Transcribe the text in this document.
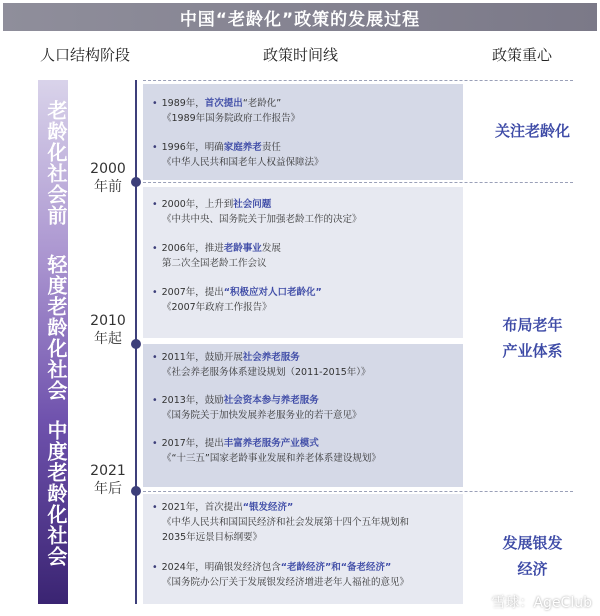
中国“老龄化”政策的发展过程
人口结构阶段	政策时间线	政策重心
老龄化社会前
轻度老龄化社会
中度老龄化社会
2000
年前
2010
年起
2021
年后
• 1989年，首次提出“老龄化”
《1989年国务院政府工作报告》
• 1996年，明确家庭养老责任
《中华人民共和国老年人权益保障法》
• 2000年，上升到社会问题
《中共中央、国务院关于加强老龄工作的决定》
• 2006年，推进老龄事业发展
第二次全国老龄工作会议
• 2007年，提出“积极应对人口老龄化”
《2007年政府工作报告》
• 2011年，鼓励开展社会养老服务
《社会养老服务体系建设规划（2011-2015年）》
• 2013年，鼓励社会资本参与养老服务
《国务院关于加快发展养老服务业的若干意见》
• 2017年，提出丰富养老服务产业模式
《“十三五”国家老龄事业发展和养老体系建设规划》
• 2021年，首次提出“银发经济”
《中华人民共和国国民经济和社会发展第十四个五年规划和
2035年远景目标纲要》
• 2024年，明确银发经济包含“老龄经济”和“备老经济”
《国务院办公厅关于发展银发经济增进老年人福祉的意见》
关注老龄化
布局老年
产业体系
发展银发
经济
雪球：AgeClub
